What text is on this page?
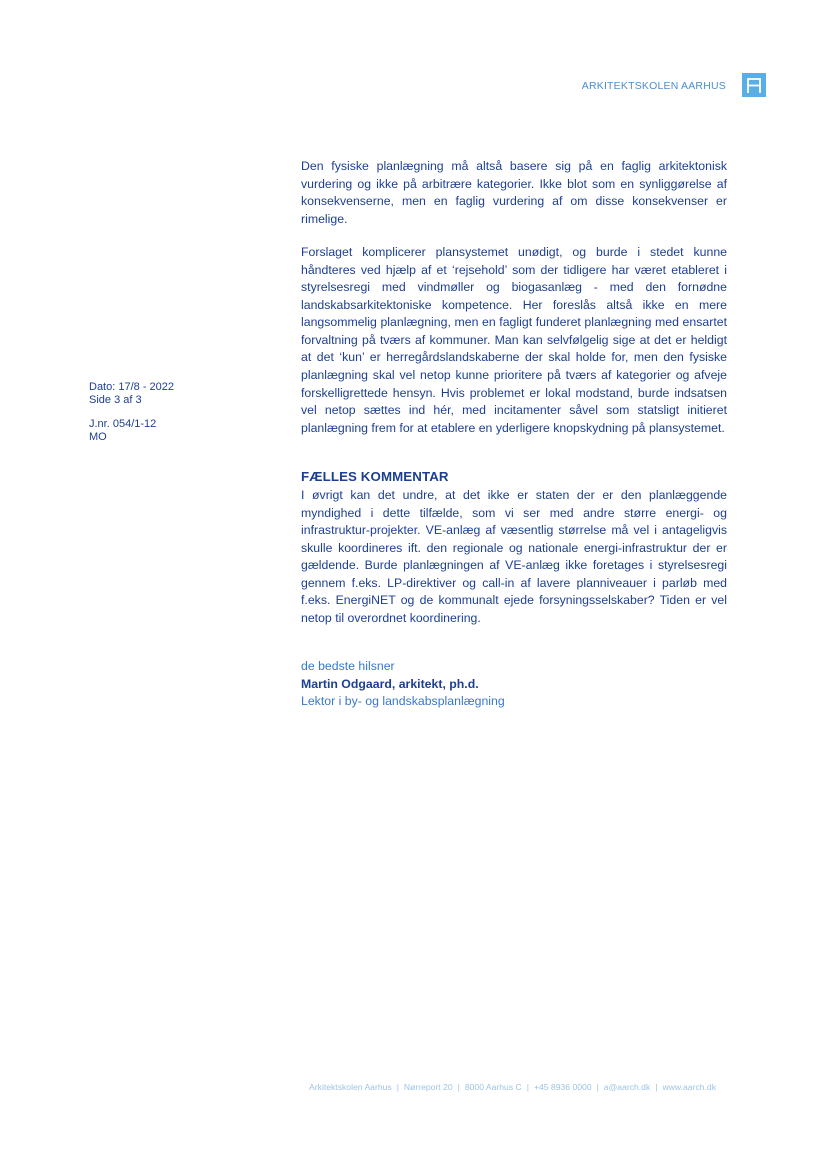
ARKITEKTSKOLEN AARHUS
Dato: 17/8 - 2022
Side 3 af 3
J.nr. 054/1-12
MO

Den fysiske planlægning må altså basere sig på en faglig arkitektonisk vurdering og ikke på arbitrære kategorier. Ikke blot som en synliggørelse af konsekvenserne, men en faglig vurdering af om disse konsekvenser er rimelige.

Forslaget komplicerer plansystemet unødigt, og burde i stedet kunne håndteres ved hjælp af et ‘rejsehold’ som der tidligere har været etableret i styrelsesregi med vindmøller og biogasanlæg - med den fornødne landskabsarkitektoniske kompetence. Her foreslås altså ikke en mere langsommelig planlægning, men en fagligt funderet planlægning med ensartet forvaltning på tværs af kommuner. Man kan selvfølgelig sige at det er heldigt at det ‘kun’ er herregårdslandskaberne der skal holde for, men den fysiske planlægning skal vel netop kunne prioritere på tværs af kategorier og afveje forskelligrettede hensyn. Hvis problemet er lokal modstand, burde indsatsen vel netop sættes ind hér, med incitamenter såvel som statsligt initieret planlægning frem for at etablere en yderligere knopskydning på plansystemet.

FÆLLES KOMMENTAR

I øvrigt kan det undre, at det ikke er staten der er den planlæggende myndighed i dette tilfælde, som vi ser med andre større energi- og infrastruktur-projekter. VE-anlæg af væsentlig størrelse må vel i antageligvis skulle koordineres ift. den regionale og nationale energi-infrastruktur der er gældende. Burde planlægningen af VE-anlæg ikke foretages i styrelsesregi gennem f.eks. LP-direktiver og call-in af lavere planniveauer i parløb med f.eks. EnergiNET og de kommunalt ejede forsyningsselskaber? Tiden er vel netop til overordnet koordinering.

de bedste hilsner
Martin Odgaard, arkitekt, ph.d.
Lektor i by- og landskabsplanlægning
Arkitektskolen Aarhus | Nørreport 20 | 8000 Aarhus C | +45 8936 0000 | a@aarch.dk | www.aarch.dk
